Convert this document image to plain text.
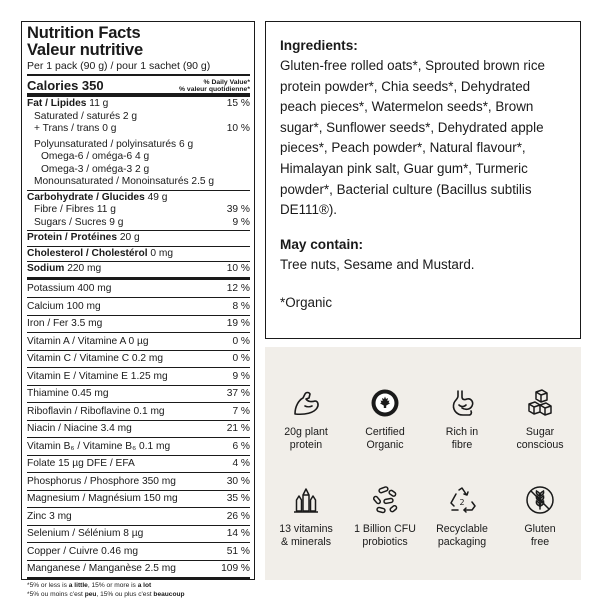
Nutrition Facts
Valeur nutritive
Per 1 pack (90 g) / pour 1 sachet (90 g)
Calories 350	% Daily Value*
% valeur quotidienne*
Fat / Lipides 11 g	15 %
Saturated / saturés 2 g
+ Trans / trans 0 g	10 %
Polyunsaturated / polyinsaturés 6 g
Omega-6 / oméga-6 4 g
Omega-3 / oméga-3 2 g
Monounsaturated / Monoinsaturés 2.5 g
Carbohydrate / Glucides 49 g
Fibre / Fibres 11 g	39 %
Sugars / Sucres 9 g	9 %
Protein / Protéines 20 g
Cholesterol / Cholestérol 0 mg
Sodium 220 mg	10 %
Potassium 400 mg	12 %
Calcium 100 mg	8 %
Iron / Fer 3.5 mg	19 %
Vitamin A / Vitamine A 0 µg	0 %
Vitamin C / Vitamine C 0.2 mg	0 %
Vitamin E / Vitamine E 1.25 mg	9 %
Thiamine 0.45 mg	37 %
Riboflavin / Riboflavine 0.1 mg	7 %
Niacin / Niacine 3.4 mg	21 %
Vitamin B₆ / Vitamine B₆ 0.1 mg	6 %
Folate 15 µg DFE / EFA	4 %
Phosphorus / Phosphore 350 mg	30 %
Magnesium / Magnésium 150 mg	35 %
Zinc 3 mg	26 %
Selenium / Sélénium 8 µg	14 %
Copper / Cuivre 0.46 mg	51 %
Manganese / Manganèse 2.5 mg	109 %
*5% or less is a little, 15% or more is a lot
*5% ou moins c'est peu, 15% ou plus c'est beaucoup
Ingredients:

Gluten-free rolled oats*, Sprouted brown rice protein powder*, Chia seeds*, Dehydrated peach pieces*, Watermelon seeds*, Brown sugar*, Sunflower seeds*, Dehydrated apple pieces*, Peach powder*, Natural flavour*, Himalayan pink salt, Guar gum*, Turmeric powder*, Bacterial culture (Bacillus subtilis DE111®).

May contain:

Tree nuts, Sesame and Mustard.

*Organic

20g plant
protein
Certified
Organic
Rich in
fibre
Sugar
conscious
13 vitamins
& minerals
1 Billion CFU
probiotics
2
Recyclable
packaging
Gluten
free
